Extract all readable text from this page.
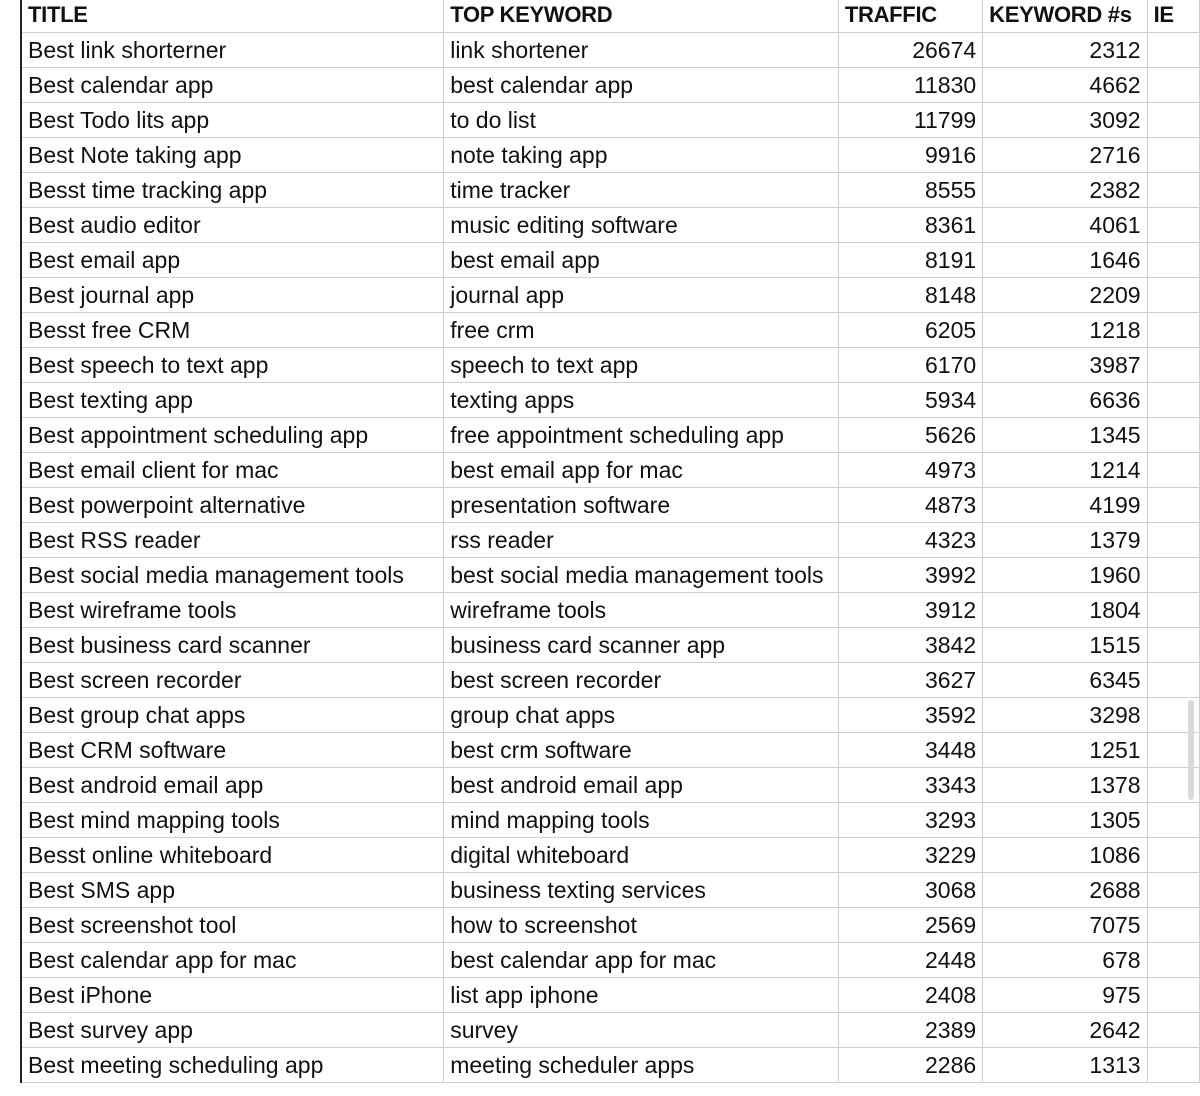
TITLE	TOP KEYWORD	TRAFFIC	KEYWORD #s	IE
Best link shorterner	link shortener	26674	2312	
Best calendar app	best calendar app	11830	4662	
Best Todo lits app	to do list	11799	3092	
Best Note taking app	note taking app	9916	2716	
Besst time tracking app	time tracker	8555	2382	
Best audio editor	music editing software	8361	4061	
Best email app	best email app	8191	1646	
Best journal app	journal app	8148	2209	
Besst free CRM	free crm	6205	1218	
Best speech to text app	speech to text app	6170	3987	
Best texting app	texting apps	5934	6636	
Best appointment scheduling app	free appointment scheduling app	5626	1345	
Best email client for mac	best email app for mac	4973	1214	
Best powerpoint alternative	presentation software	4873	4199	
Best RSS reader	rss reader	4323	1379	
Best social media management tools	best social media management tools	3992	1960	
Best wireframe tools	wireframe tools	3912	1804	
Best business card scanner	business card scanner app	3842	1515	
Best screen recorder	best screen recorder	3627	6345	
Best group chat apps	group chat apps	3592	3298	
Best CRM software	best crm software	3448	1251	
Best android email app	best android email app	3343	1378	
Best mind mapping tools	mind mapping tools	3293	1305	
Besst online whiteboard	digital whiteboard	3229	1086	
Best SMS app	business texting services	3068	2688	
Best screenshot tool	how to screenshot	2569	7075	
Best calendar app for mac	best calendar app for mac	2448	678	
Best iPhone	list app iphone	2408	975	
Best survey app	survey	2389	2642	
Best meeting scheduling app	meeting scheduler apps	2286	1313	
